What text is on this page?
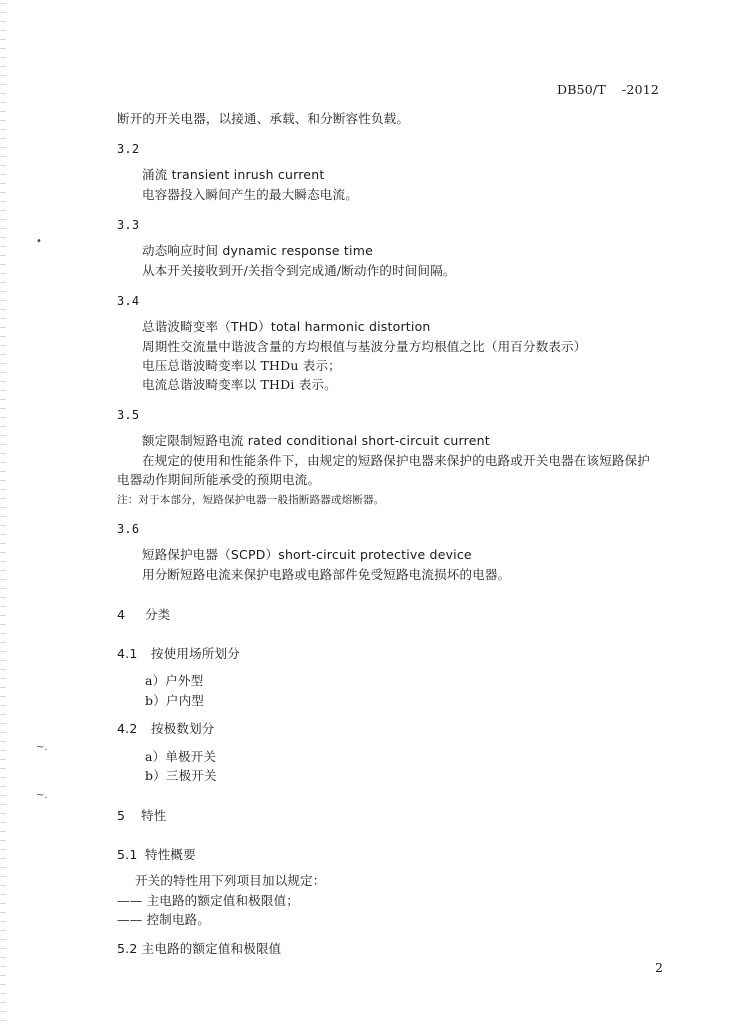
•
~.
~.
DB50/T -2012
断开的开关电器，以接通、承载、和分断容性负载。
3.2
涌流 transient inrush current
电容器投入瞬间产生的最大瞬态电流。
3.3
动态响应时间 dynamic response time
从本开关接收到开/关指令到完成通/断动作的时间间隔。
3.4
总谐波畸变率（THD）total harmonic distortion
周期性交流量中谐波含量的方均根值与基波分量方均根值之比（用百分数表示）
电压总谐波畸变率以 THDu 表示；
电流总谐波畸变率以 THDi 表示。
3.5
额定限制短路电流 rated conditional short-circuit current
在规定的使用和性能条件下，由规定的短路保护电器来保护的电路或开关电器在该短路保护
电器动作期间所能承受的预期电流。
注：对于本部分，短路保护电器一般指断路器或熔断器。
3.6
短路保护电器（SCPD）short-circuit protective device
用分断短路电流来保护电路或电路部件免受短路电流损坏的电器。
4 分类
4.1 按使用场所划分
a）户外型
b）户内型
4.2 按极数划分
a）单极开关
b）三极开关
5 特性
5.1 特性概要
开关的特性用下列项目加以规定：
—— 主电路的额定值和极限值；
—— 控制电路。
5.2 主电路的额定值和极限值
2
